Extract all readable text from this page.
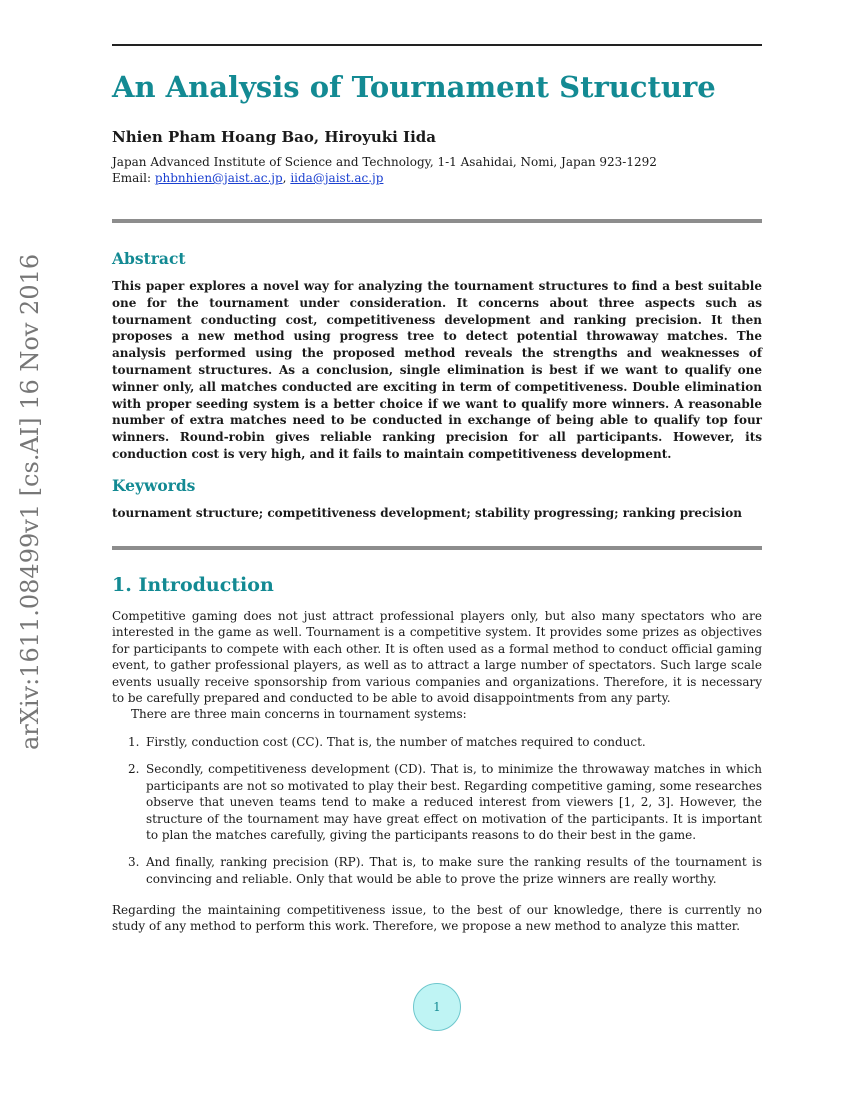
arXiv:1611.08499v1 [cs.AI] 16 Nov 2016
An Analysis of Tournament Structure
Nhien Pham Hoang Bao, Hiroyuki Iida
Japan Advanced Institute of Science and Technology, 1-1 Asahidai, Nomi, Japan 923-1292
Email: phbnhien@jaist.ac.jp, iida@jaist.ac.jp
Abstract
This paper explores a novel way for analyzing the tournament structures to find a best suitable one for the tournament under consideration. It concerns about three aspects such as tournament conducting cost, competitiveness development and ranking precision. It then proposes a new method using progress tree to detect potential throwaway matches. The analysis performed using the proposed method reveals the strengths and weaknesses of tournament structures. As a conclusion, single elimination is best if we want to qualify one winner only, all matches conducted are exciting in term of competitiveness. Double elimination with proper seeding system is a better choice if we want to qualify more winners. A reasonable number of extra matches need to be conducted in exchange of being able to qualify top four winners. Round-robin gives reliable ranking precision for all participants. However, its conduction cost is very high, and it fails to maintain competitiveness development.
Keywords
tournament structure; competitiveness development; stability progressing; ranking precision
1. Introduction
Competitive gaming does not just attract professional players only, but also many spectators who are interested in the game as well. Tournament is a competitive system. It provides some prizes as objectives for participants to compete with each other. It is often used as a formal method to conduct official gaming event, to gather professional players, as well as to attract a large number of spectators. Such large scale events usually receive sponsorship from various companies and organizations. Therefore, it is necessary to be carefully prepared and conducted to be able to avoid disappointments from any party.
There are three main concerns in tournament systems:
1. Firstly, conduction cost (CC). That is, the number of matches required to conduct.
2. Secondly, competitiveness development (CD). That is, to minimize the throwaway matches in which participants are not so motivated to play their best. Regarding competitive gaming, some researches observe that uneven teams tend to make a reduced interest from viewers [1, 2, 3]. However, the structure of the tournament may have great effect on motivation of the participants. It is important to plan the matches carefully, giving the participants reasons to do their best in the game.
3. And finally, ranking precision (RP). That is, to make sure the ranking results of the tournament is convincing and reliable. Only that would be able to prove the prize winners are really worthy.
Regarding the maintaining competitiveness issue, to the best of our knowledge, there is currently no study of any method to perform this work. Therefore, we propose a new method to analyze this matter.
1
